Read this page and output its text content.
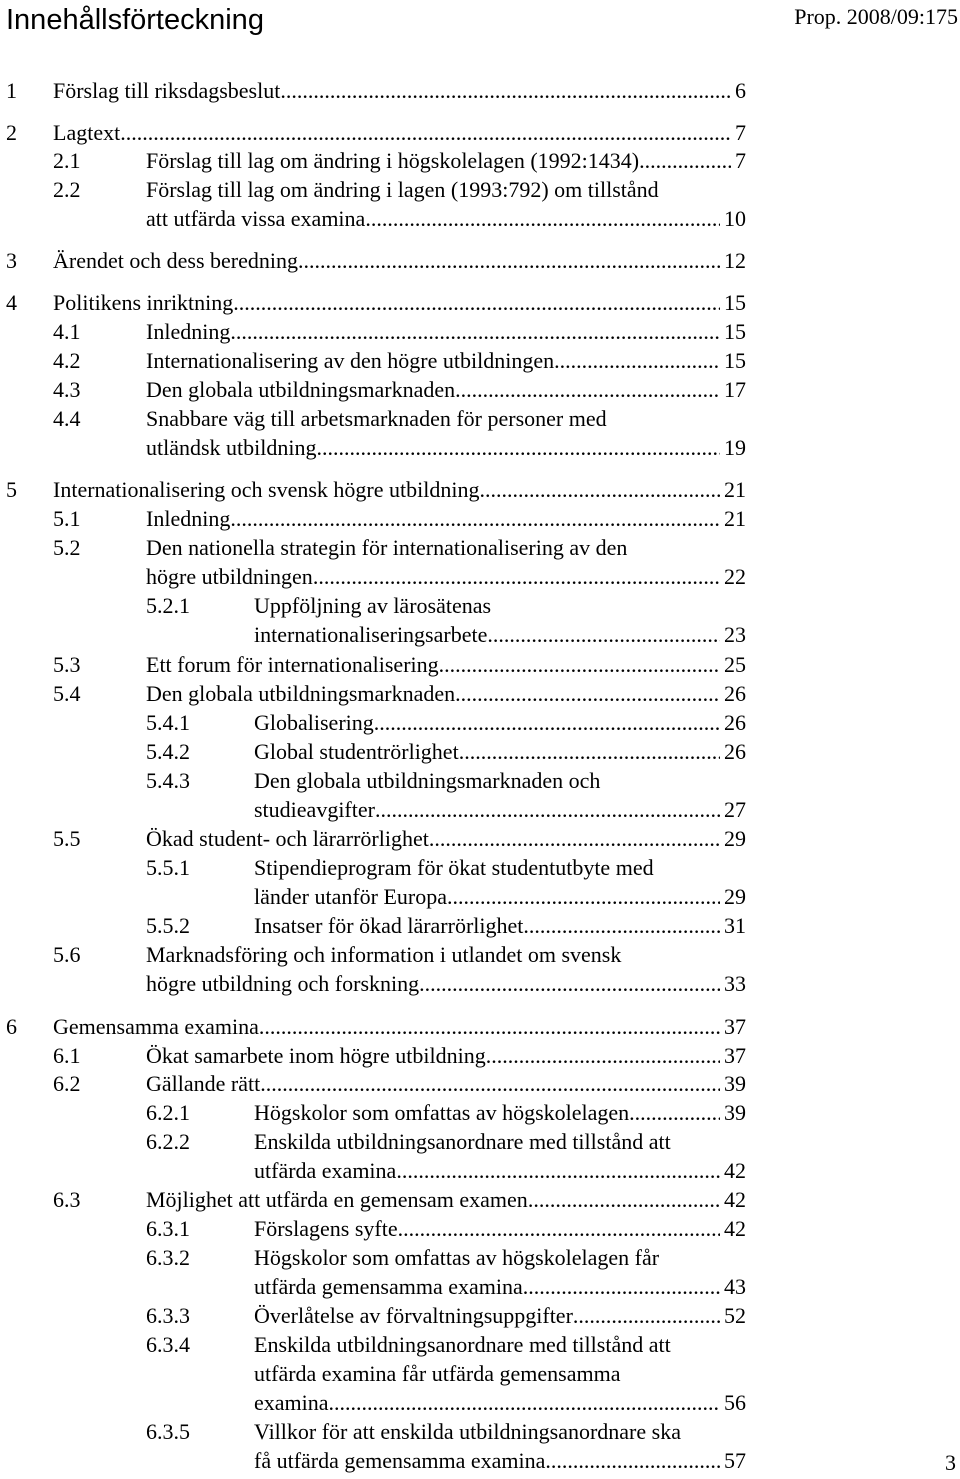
Innehållsförteckning	Prop. 2008/09:175
1 Förslag till riksdagsbeslut .....	6
2 Lagtext .....	7
2.1	Förslag till lag om ändring i högskolelagen (1992:1434). .....	7
2.2	Förslag till lag om ändring i lagen (1993:792) om tillstånd
att utfärda vissa examina .....	10
3 Ärendet och dess beredning .....	12
4 Politikens inriktning .....	15
4.1	Inledning .....	15
4.2	Internationalisering av den högre utbildningen .....	15
4.3	Den globala utbildningsmarknaden .....	17
4.4	Snabbare väg till arbetsmarknaden för personer med
utländsk utbildning .....	19
5 Internationalisering och svensk högre utbildning .....	21
5.1	Inledning .....	21
5.2	Den nationella strategin för internationalisering av den
högre utbildningen .....	22
5.2.1	Uppföljning av lärosätenas
internationaliseringsarbete .....	23
5.3	Ett forum för internationalisering .....	25
5.4	Den globala utbildningsmarknaden .....	26
5.4.1	Globalisering .....	26
5.4.2	Global studentrörlighet .....	26
5.4.3	Den globala utbildningsmarknaden och
studieavgifter .....	27
5.5	Ökad student- och lärarrörlighet .....	29
5.5.1	Stipendieprogram för ökat studentutbyte med
länder utanför Europa .....	29
5.5.2	Insatser för ökad lärarrörlighet .....	31
5.6	Marknadsföring och information i utlandet om svensk
högre utbildning och forskning .....	33
6 Gemensamma examina .....	37
6.1	Ökat samarbete inom högre utbildning .....	37
6.2	Gällande rätt .....	39
6.2.1	Högskolor som omfattas av högskolelagen .....	39
6.2.2	Enskilda utbildningsanordnare med tillstånd att
utfärda examina .....	42
6.3	Möjlighet att utfärda en gemensam examen .....	42
6.3.1	Förslagens syfte .....	42
6.3.2	Högskolor som omfattas av högskolelagen får
utfärda gemensamma examina .....	43
6.3.3	Överlåtelse av förvaltningsuppgifter .....	52
6.3.4	Enskilda utbildningsanordnare med tillstånd att
utfärda examina får utfärda gemensamma
examina .....	56
6.3.5	Villkor för att enskilda utbildningsanordnare ska
få utfärda gemensamma examina .....	57	3
